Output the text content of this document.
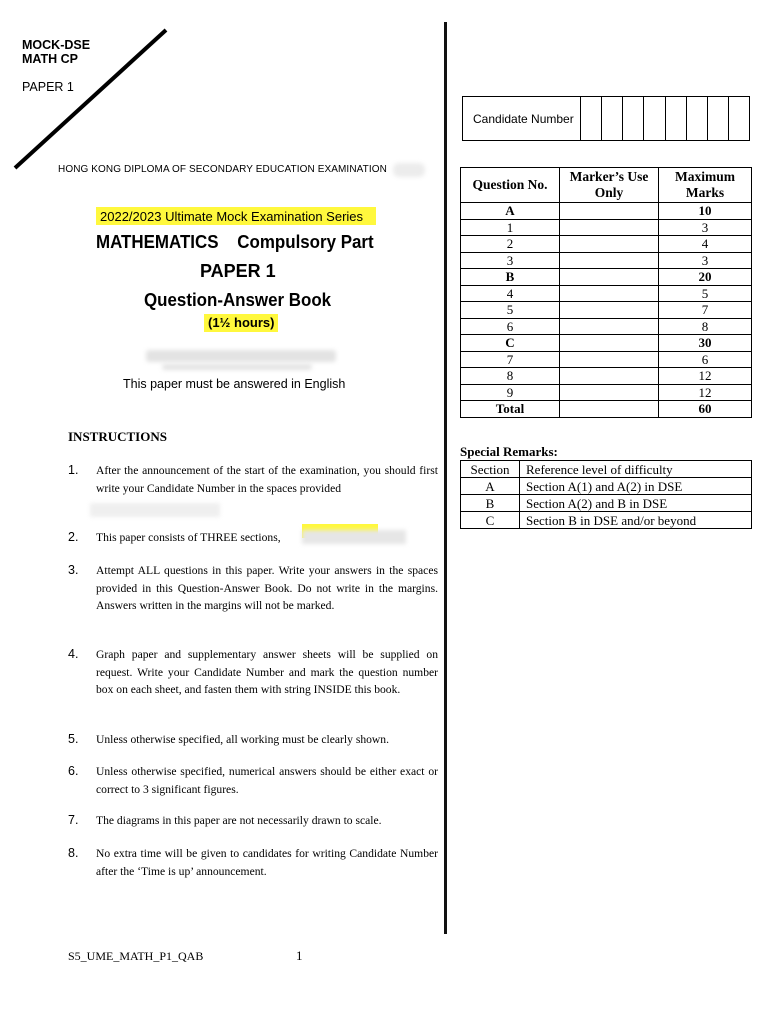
MOCK-DSE
MATH CP
PAPER 1
HONG KONG DIPLOMA OF SECONDARY EDUCATION EXAMINATION
2022/2023 Ultimate Mock Examination Series
MATHEMATICS    Compulsory Part
PAPER 1
Question-Answer Book
(1½ hours)
This paper must be answered in English
INSTRUCTIONS
1. After the announcement of the start of the examination, you should first write your Candidate Number in the spaces provided
2. This paper consists of THREE sections,
3. Attempt ALL questions in this paper. Write your answers in the spaces provided in this Question-Answer Book. Do not write in the margins. Answers written in the margins will not be marked.
4. Graph paper and supplementary answer sheets will be supplied on request. Write your Candidate Number and mark the question number box on each sheet, and fasten them with string INSIDE this book.
5. Unless otherwise specified, all working must be clearly shown.
6. Unless otherwise specified, numerical answers should be either exact or correct to 3 significant figures.
7. The diagrams in this paper are not necessarily drawn to scale.
8. No extra time will be given to candidates for writing Candidate Number after the ‘Time is up’ announcement.
S5_UME_MATH_P1_QAB	1
Candidate Number
Question No.	Marker’s Use Only	Maximum Marks
A		10
1		3
2		4
3		3
B		20
4		5
5		7
6		8
C		30
7		6
8		12
9		12
Total		60
Special Remarks:
Section	Reference level of difficulty
A	Section A(1) and A(2) in DSE
B	Section A(2) and B in DSE
C	Section B in DSE and/or beyond
